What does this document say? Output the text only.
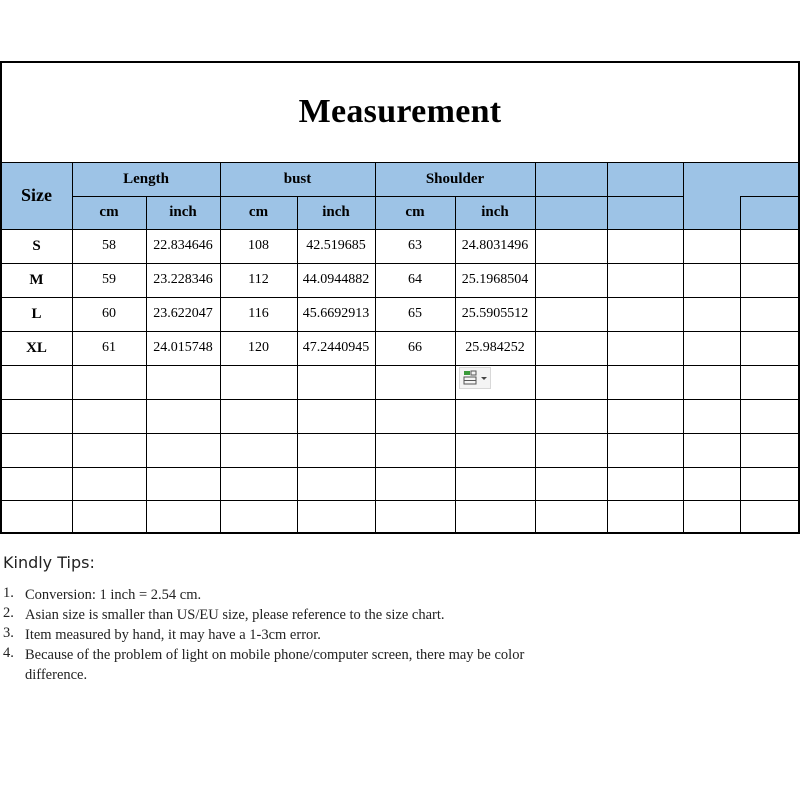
Measurement
Size
Length	bust	Shoulder
cm	inch	cm	inch	cm	inch
S	58	22.834646	108	42.519685	63	24.8031496
M	59	23.228346	112	44.0944882	64	25.1968504
L	60	23.622047	116	45.6692913	65	25.5905512
XL	61	24.015748	120	47.2440945	66	25.984252
Kindly Tips:
1. Conversion: 1 inch = 2.54 cm.
2. Asian size is smaller than US/EU size, please reference to the size chart.
3. Item measured by hand, it may have a 1-3cm error.
4. Because of the problem of light on mobile phone/computer screen, there may be color difference.
